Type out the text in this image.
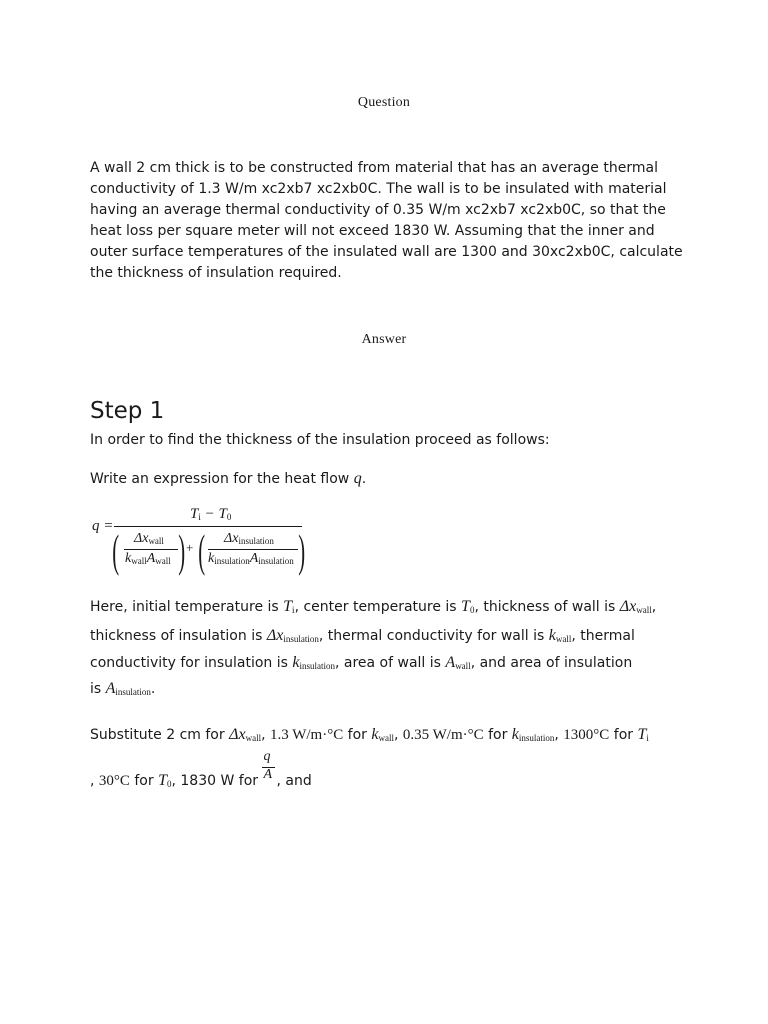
Question
A wall 2 cm thick is to be constructed from material that has an average thermal conductivity of 1.3 W/m xc2xb7 xc2xb0C. The wall is to be insulated with material having an average thermal conductivity of 0.35 W/m xc2xb7 xc2xb0C, so that the heat loss per square meter will not exceed 1830 W. Assuming that the inner and outer surface temperatures of the insulated wall are 1300 and 30xc2xb0C, calculate the thickness of insulation required.
Answer
Step 1
In order to find the thickness of the insulation proceed as follows:
Write an expression for the heat flow q.
q =
$T_i - T_0$
( $\Delta x_{wall}$
$k_{wall}A_{wall}$ ) + ( $\Delta x_{insulation}$
$k_{insulation}A_{insulation}$ )
Here, initial temperature is $T_i$, center temperature is $T_0$, thickness of wall is $\Delta x_{wall}$,
thickness of insulation is $\Delta x_{insulation}$, thermal conductivity for wall is $k_{wall}$, thermal
conductivity for insulation is $k_{insulation}$, area of wall is $A_{wall}$, and area of insulation
is $A_{insulation}$.
Substitute 2 cm for $\Delta x_{wall}$, 1.3 W/m·°C for $k_{wall}$, 0.35 W/m·°C for $k_{insulation}$, 1300°C for $T_i$
, 30°C for $T_0$, 1830 W for $\frac{q}{A}$ , and
